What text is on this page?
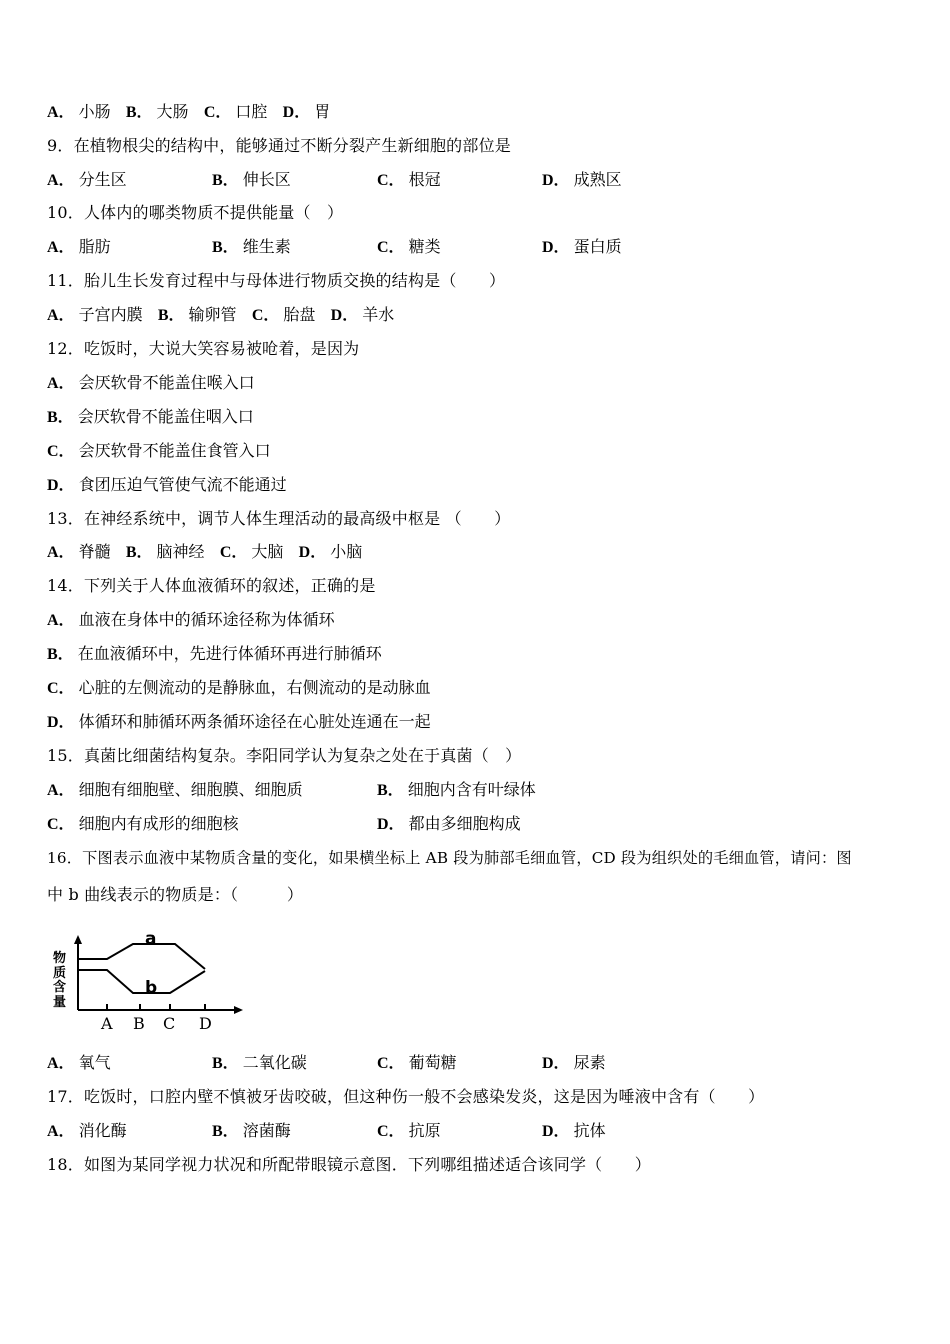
A． 小肠 B． 大肠 C． 口腔 D． 胃
9．在植物根尖的结构中，能够通过不断分裂产生新细胞的部位是
A． 分生区	B． 伸长区	C． 根冠	D． 成熟区
10．人体内的哪类物质不提供能量（　）
A． 脂肪	B． 维生素	C． 糖类	D． 蛋白质
11．胎儿生长发育过程中与母体进行物质交换的结构是（　　）
A． 子宫内膜 B． 输卵管 C． 胎盘 D． 羊水
12．吃饭时，大说大笑容易被呛着，是因为
A． 会厌软骨不能盖住喉入口
B． 会厌软骨不能盖住咽入口
C． 会厌软骨不能盖住食管入口
D． 食团压迫气管使气流不能通过
13．在神经系统中，调节人体生理活动的最高级中枢是 （　　）
A． 脊髓 B． 脑神经 C． 大脑 D． 小脑
14．下列关于人体血液循环的叙述，正确的是
A． 血液在身体中的循环途径称为体循环
B． 在血液循环中，先进行体循环再进行肺循环
C． 心脏的左侧流动的是静脉血，右侧流动的是动脉血
D． 体循环和肺循环两条循环途径在心脏处连通在一起
15．真菌比细菌结构复杂。李阳同学认为复杂之处在于真菌（　）
A． 细胞有细胞壁、细胞膜、细胞质	B． 细胞内含有叶绿体
C． 细胞内有成形的细胞核	D． 都由多细胞构成
16．下图表示血液中某物质含量的变化，如果横坐标上 AB 段为肺部毛细血管，CD 段为组织处的毛细血管，请问：图
中 b 曲线表示的物质是：（　　　）
物
质
含
量
a
b
A B C D
A． 氧气	B． 二氧化碳	C． 葡萄糖	D． 尿素
17．吃饭时，口腔内壁不慎被牙齿咬破，但这种伤一般不会感染发炎，这是因为唾液中含有（　　）
A． 消化酶	B． 溶菌酶	C． 抗原	D． 抗体
18．如图为某同学视力状况和所配带眼镜示意图．下列哪组描述适合该同学（　　）
